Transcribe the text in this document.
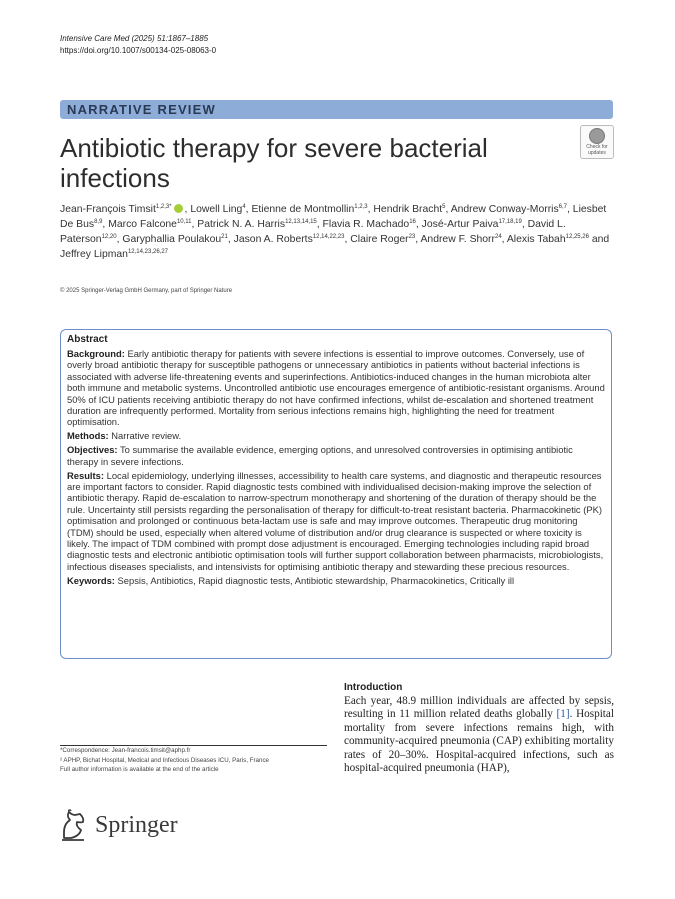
Intensive Care Med (2025) 51:1867–1885
https://doi.org/10.1007/s00134-025-08063-0
NARRATIVE REVIEW
Antibiotic therapy for severe bacterial infections
Check for
updates
Jean-François Timsit$^{1,2,3*}$ , Lowell Ling$^4$, Etienne de Montmollin$^{1,2,3}$, Hendrik Bracht$^5$, Andrew Conway-Morris$^{6,7}$, Liesbet De Bus$^{8,9}$, Marco Falcone$^{10,11}$, Patrick N. A. Harris$^{12,13,14,15}$, Flavia R. Machado$^{16}$, José-Artur Paiva$^{17,18,19}$, David L. Paterson$^{12,20}$, Garyphallia Poulakou$^{21}$, Jason A. Roberts$^{12,14,22,23}$, Claire Roger$^{23}$, Andrew F. Shorr$^{24}$, Alexis Tabah$^{12,25,26}$ and Jeffrey Lipman$^{12,14,23,26,27}$
© 2025 Springer-Verlag GmbH Germany, part of Springer Nature
Abstract

Background: Early antibiotic therapy for patients with severe infections is essential to improve outcomes. Conversely, use of overly broad antibiotic therapy for susceptible pathogens or unnecessary antibiotics in patients without bacterial infections is associated with adverse life-threatening events and superinfections. Antibiotics-induced changes in the human microbiota alter both immune and metabolic systems. Uncontrolled antibiotic use encourages emergence of antibiotic-resistant organisms. Around 50% of ICU patients receiving antibiotic therapy do not have confirmed infections, whilst de-escalation and shortened treatment duration are infrequently performed. Mortality from serious infections remains high, highlighting the need for treatment optimisation.

Methods: Narrative review.

Objectives: To summarise the available evidence, emerging options, and unresolved controversies in optimising antibiotic therapy in severe infections.

Results: Local epidemiology, underlying illnesses, accessibility to health care systems, and diagnostic and therapeutic resources are important factors to consider. Rapid diagnostic tests combined with individualised decision-making improve the selection of antibiotic therapy. Rapid de-escalation to narrow-spectrum monotherapy and shortening of the duration of therapy should be the rule. Uncertainty still persists regarding the personalisation of therapy for difficult-to-treat resistant bacteria. Pharmacokinetic (PK) optimisation and prolonged or continuous beta-lactam use is safe and may improve outcomes. Therapeutic drug monitoring (TDM) should be used, especially when altered volume of distribution and/or drug clearance is suspected or where toxicity is likely. The impact of TDM combined with prompt dose adjustment is encouraged. Emerging technologies including rapid broad diagnostic tests and electronic antibiotic optimisation tools will further support collaboration between pharmacists, microbiologists, infectious diseases specialists, and intensivists for optimising antibiotic therapy and stewarding these precious resources.

Keywords: Sepsis, Antibiotics, Rapid diagnostic tests, Antibiotic stewardship, Pharmacokinetics, Critically ill

Introduction
Each year, 48.9 million individuals are affected by sepsis, resulting in 11 million related deaths globally [1]. Hospital mortality from severe infections remains high, with community-acquired pneumonia (CAP) exhibiting mortality rates of 20–30%. Hospital-acquired infections, such as hospital-acquired pneumonia (HAP),
*Correspondence: Jean-francois.timsit@aphp.fr
² APHP, Bichat Hospital, Medical and Infectious Diseases ICU, Paris, France
Full author information is available at the end of the article
Springer
